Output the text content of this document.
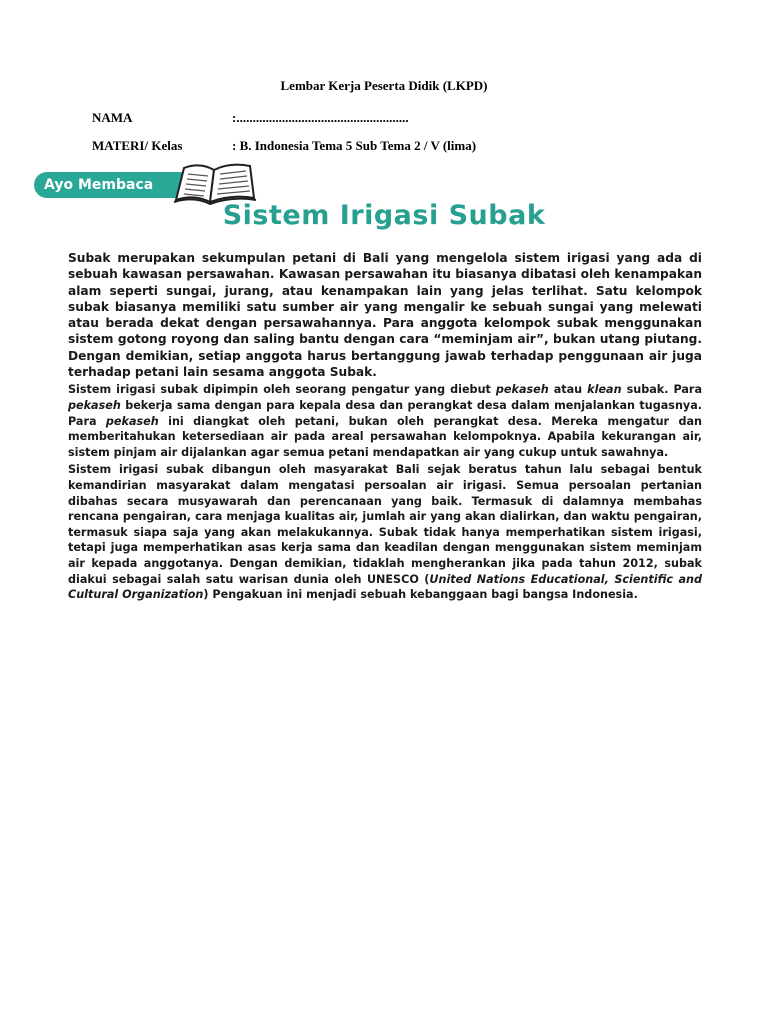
Lembar Kerja Peserta Didik (LKPD)
NAMA	:.....................................................
MATERI/ Kelas	: B. Indonesia Tema 5 Sub Tema 2 / V (lima)
Ayo Membaca
Sistem Irigasi Subak

Subak merupakan sekumpulan petani di Bali yang mengelola sistem irigasi yang ada di sebuah kawasan persawahan. Kawasan persawahan itu biasanya dibatasi oleh kenampakan alam seperti sungai, jurang, atau kenampakan lain yang jelas terlihat. Satu kelompok subak biasanya memiliki satu sumber air yang mengalir ke sebuah sungai yang melewati atau berada dekat dengan persawahannya. Para anggota kelompok subak menggunakan sistem gotong royong dan saling bantu dengan cara “meminjam air”, bukan utang piutang. Dengan demikian, setiap anggota harus bertanggung jawab terhadap penggunaan air juga terhadap petani lain sesama anggota Subak.

Sistem irigasi subak dipimpin oleh seorang pengatur yang diebut pekaseh atau klean subak. Para pekaseh bekerja sama dengan para kepala desa dan perangkat desa dalam menjalankan tugasnya. Para pekaseh ini diangkat oleh petani, bukan oleh perangkat desa. Mereka mengatur dan memberitahukan ketersediaan air pada areal persawahan kelompoknya. Apabila kekurangan air, sistem pinjam air dijalankan agar semua petani mendapatkan air yang cukup untuk sawahnya.

Sistem irigasi subak dibangun oleh masyarakat Bali sejak beratus tahun lalu sebagai bentuk kemandirian masyarakat dalam mengatasi persoalan air irigasi. Semua persoalan pertanian dibahas secara musyawarah dan perencanaan yang baik. Termasuk di dalamnya membahas rencana pengairan, cara menjaga kualitas air, jumlah air yang akan dialirkan, dan waktu pengairan, termasuk siapa saja yang akan melakukannya. Subak tidak hanya memperhatikan sistem irigasi, tetapi juga memperhatikan asas kerja sama dan keadilan dengan menggunakan sistem meminjam air kepada anggotanya. Dengan demikian, tidaklah mengherankan jika pada tahun 2012, subak diakui sebagai salah satu warisan dunia oleh UNESCO (United Nations Educational, Scientific and Cultural Organization) Pengakuan ini menjadi sebuah kebanggaan bagi bangsa Indonesia.
